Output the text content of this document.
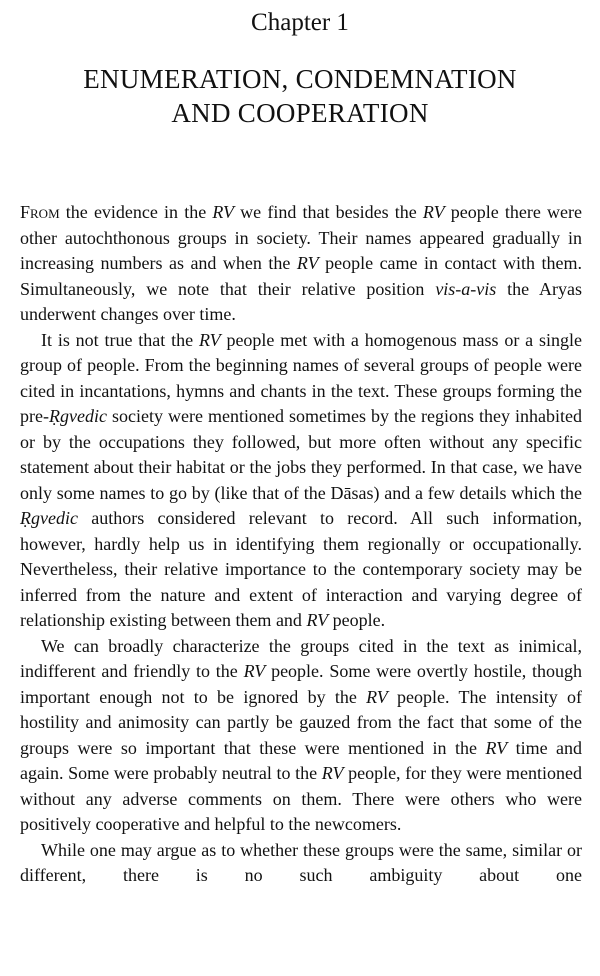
Chapter 1
ENUMERATION, CONDEMNATION
AND COOPERATION

From the evidence in the RV we find that besides the RV people there were other autochthonous groups in society. Their names appeared gradually in increasing numbers as and when the RV people came in contact with them. Simultaneously, we note that their relative position vis-a-vis the Aryas underwent changes over time.

It is not true that the RV people met with a homogenous mass or a single group of people. From the beginning names of several groups of people were cited in incantations, hymns and chants in the text. These groups forming the pre-Ṛgvedic society were mentioned sometimes by the regions they inhabited or by the occupations they followed, but more often without any specific statement about their habitat or the jobs they performed. In that case, we have only some names to go by (like that of the Dāsas) and a few details which the Ṛgvedic authors considered relevant to record. All such information, however, hardly help us in identifying them regionally or occupationally. Nevertheless, their relative importance to the contemporary society may be inferred from the nature and extent of interaction and varying degree of relationship existing between them and RV people.

We can broadly characterize the groups cited in the text as inimical, indifferent and friendly to the RV people. Some were overtly hostile, though important enough not to be ignored by the RV people. The intensity of hostility and animosity can partly be gauzed from the fact that some of the groups were so important that these were mentioned in the RV time and again. Some were probably neutral to the RV people, for they were mentioned without any adverse comments on them. There were others who were positively cooperative and helpful to the newcomers.

While one may argue as to whether these groups were the same, similar or different, there is no such ambiguity about one
